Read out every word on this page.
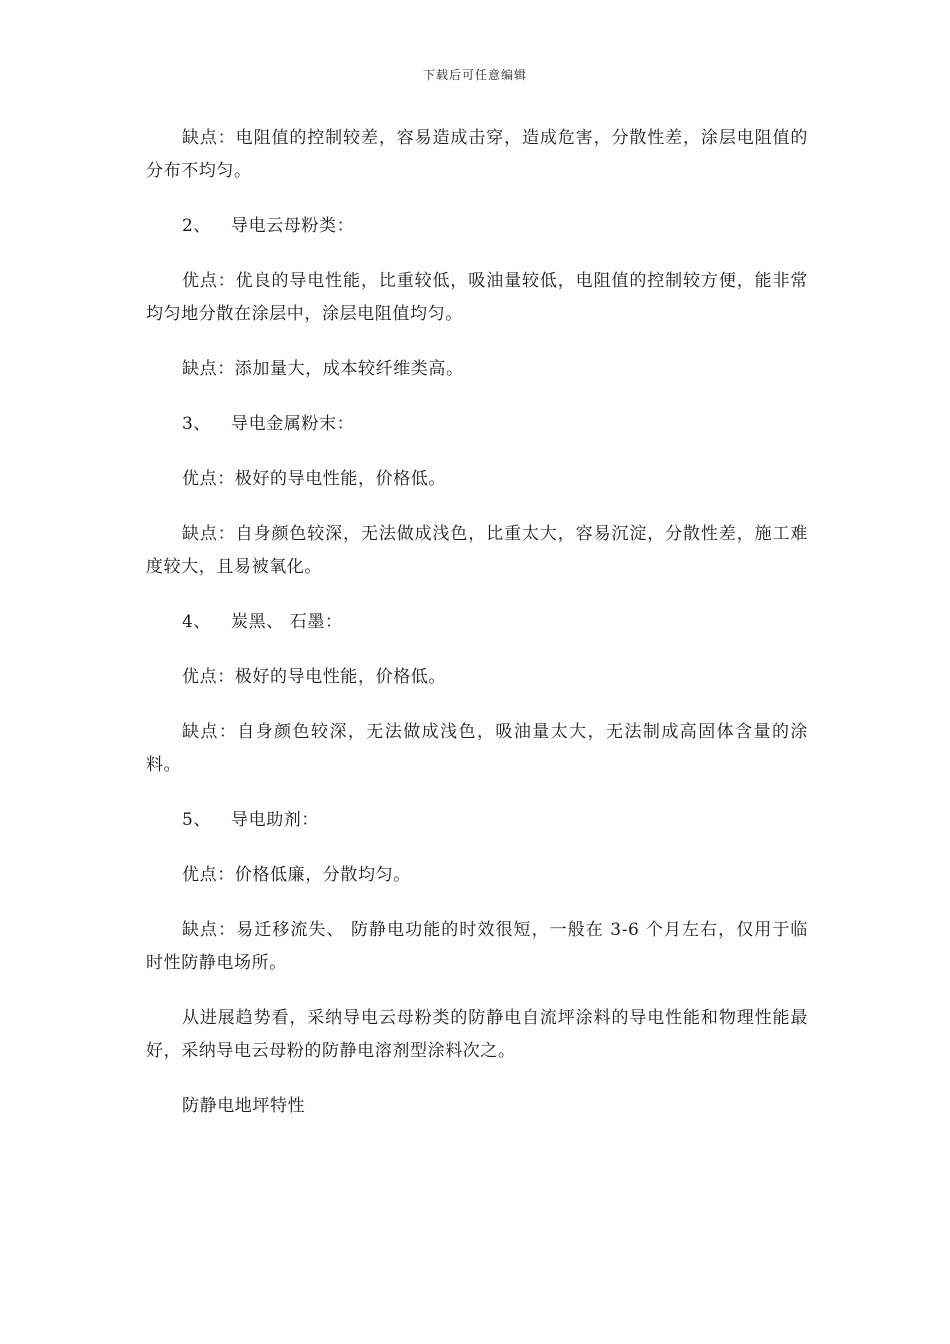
下载后可任意编辑

缺点：电阻值的控制较差，容易造成击穿，造成危害，分散性差，涂层电阻值的分布不均匀。

2、 导电云母粉类：

优点：优良的导电性能，比重较低，吸油量较低，电阻值的控制较方便，能非常均匀地分散在涂层中，涂层电阻值均匀。

缺点：添加量大，成本较纤维类高。

3、 导电金属粉末：

优点：极好的导电性能，价格低。

缺点：自身颜色较深，无法做成浅色，比重太大，容易沉淀，分散性差，施工难度较大，且易被氧化。

4、 炭黑、 石墨：

优点：极好的导电性能，价格低。

缺点：自身颜色较深，无法做成浅色，吸油量太大，无法制成高固体含量的涂料。

5、 导电助剂：

优点：价格低廉，分散均匀。

缺点：易迁移流失、 防静电功能的时效很短，一般在 3-6 个月左右，仅用于临时性防静电场所。

从进展趋势看，采纳导电云母粉类的防静电自流坪涂料的导电性能和物理性能最好，采纳导电云母粉的防静电溶剂型涂料次之。

防静电地坪特性
